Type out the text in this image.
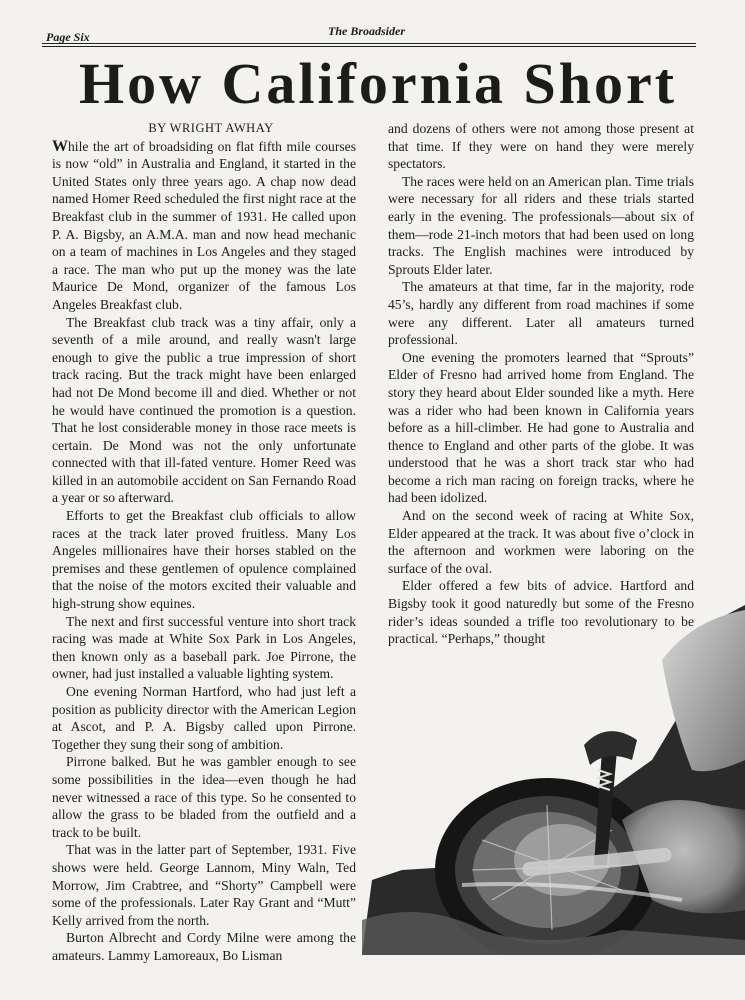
Page Six	The Broadsider
How California Short

BY WRIGHT AWHAY

While the art of broadsiding on flat fifth mile courses is now “old” in Australia and England, it started in the United States only three years ago. A chap now dead named Homer Reed scheduled the first night race at the Breakfast club in the summer of 1931. He called upon P. A. Bigsby, an A.M.A. man and now head mechanic on a team of machines in Los Angeles and they staged a race. The man who put up the money was the late Maurice De Mond, organizer of the famous Los Angeles Breakfast club.

The Breakfast club track was a tiny affair, only a seventh of a mile around, and really wasn't large enough to give the public a true impression of short track racing. But the track might have been enlarged had not De Mond become ill and died. Whether or not he would have continued the promotion is a question. That he lost considerable money in those race meets is certain. De Mond was not the only unfortunate connected with that ill-fated venture. Homer Reed was killed in an automobile accident on San Fernando Road a year or so afterward.

Efforts to get the Breakfast club officials to allow races at the track later proved fruitless. Many Los Angeles millionaires have their horses stabled on the premises and these gentlemen of opulence complained that the noise of the motors excited their valuable and high-strung show equines.

The next and first successful venture into short track racing was made at White Sox Park in Los Angeles, then known only as a baseball park. Joe Pirrone, the owner, had just installed a valuable lighting system.

One evening Norman Hartford, who had just left a position as publicity director with the American Legion at Ascot, and P. A. Bigsby called upon Pirrone. Together they sung their song of ambition.

Pirrone balked. But he was gambler enough to see some possibilities in the idea—even though he had never witnessed a race of this type. So he consented to allow the grass to be bladed from the outfield and a track to be built.

That was in the latter part of September, 1931. Five shows were held. George Lannom, Miny Waln, Ted Morrow, Jim Crabtree, and “Shorty” Campbell were some of the professionals. Later Ray Grant and “Mutt” Kelly arrived from the north.

Burton Albrecht and Cordy Milne were among the amateurs. Lammy Lamoreaux, Bo Lisman

and dozens of others were not among those present at that time. If they were on hand they were merely spectators.

The races were held on an American plan. Time trials were necessary for all riders and these trials started early in the evening. The professionals—about six of them—rode 21-inch motors that had been used on long tracks. The English machines were introduced by Sprouts Elder later.

The amateurs at that time, far in the majority, rode 45’s, hardly any different from road machines if some were any different. Later all amateurs turned professional.

One evening the promoters learned that “Sprouts” Elder of Fresno had arrived home from England. The story they heard about Elder sounded like a myth. Here was a rider who had been known in California years before as a hill-climber. He had gone to Australia and thence to England and other parts of the globe. It was understood that he was a short track star who had become a rich man racing on foreign tracks, where he had been idolized.

And on the second week of racing at White Sox, Elder appeared at the track. It was about five o’clock in the afternoon and workmen were laboring on the surface of the oval.

Elder offered a few bits of advice. Hartford and Bigsby took it good naturedly but some of the Fresno rider’s ideas sounded a trifle too revolutionary to be practical. “Perhaps,” thought
